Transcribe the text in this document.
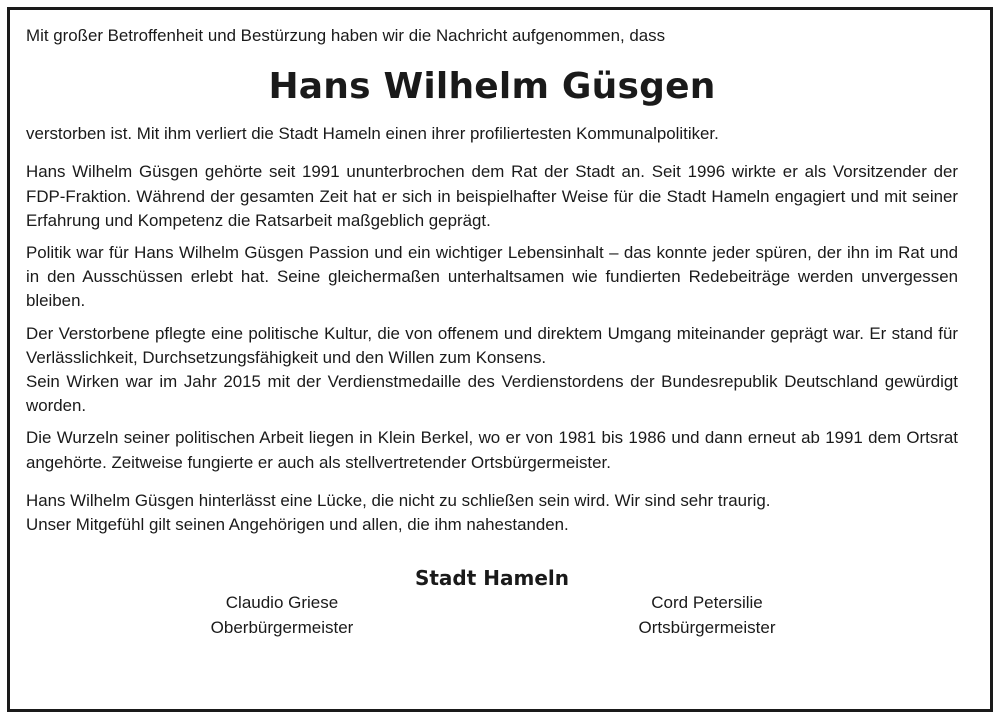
Mit großer Betroffenheit und Bestürzung haben wir die Nachricht aufgenommen, dass

Hans Wilhelm Güsgen

verstorben ist. Mit ihm verliert die Stadt Hameln einen ihrer profiliertesten Kommunalpolitiker.

Hans Wilhelm Güsgen gehörte seit 1991 ununterbrochen dem Rat der Stadt an. Seit 1996 wirkte er als Vorsitzender der FDP-Fraktion. Während der gesamten Zeit hat er sich in beispielhafter Weise für die Stadt Hameln engagiert und mit seiner Erfahrung und Kompetenz die Ratsarbeit maßgeblich geprägt.

Politik war für Hans Wilhelm Güsgen Passion und ein wichtiger Lebensinhalt – das konnte jeder spüren, der ihn im Rat und in den Ausschüssen erlebt hat. Seine gleichermaßen unterhaltsamen wie fundierten Redebeiträge werden unvergessen bleiben.

Der Verstorbene pflegte eine politische Kultur, die von offenem und direktem Umgang miteinander geprägt war. Er stand für Verlässlichkeit, Durchsetzungsfähigkeit und den Willen zum Konsens.

Sein Wirken war im Jahr 2015 mit der Verdienstmedaille des Verdienstordens der Bundesrepublik Deutschland gewürdigt worden.

Die Wurzeln seiner politischen Arbeit liegen in Klein Berkel, wo er von 1981 bis 1986 und dann erneut ab 1991 dem Ortsrat angehörte. Zeitweise fungierte er auch als stellvertretender Ortsbürgermeister.

Hans Wilhelm Güsgen hinterlässt eine Lücke, die nicht zu schließen sein wird. Wir sind sehr traurig.

Unser Mitgefühl gilt seinen Angehörigen und allen, die ihm nahestanden.

Stadt Hameln
Claudio Griese
Oberbürgermeister
Cord Petersilie
Ortsbürgermeister
